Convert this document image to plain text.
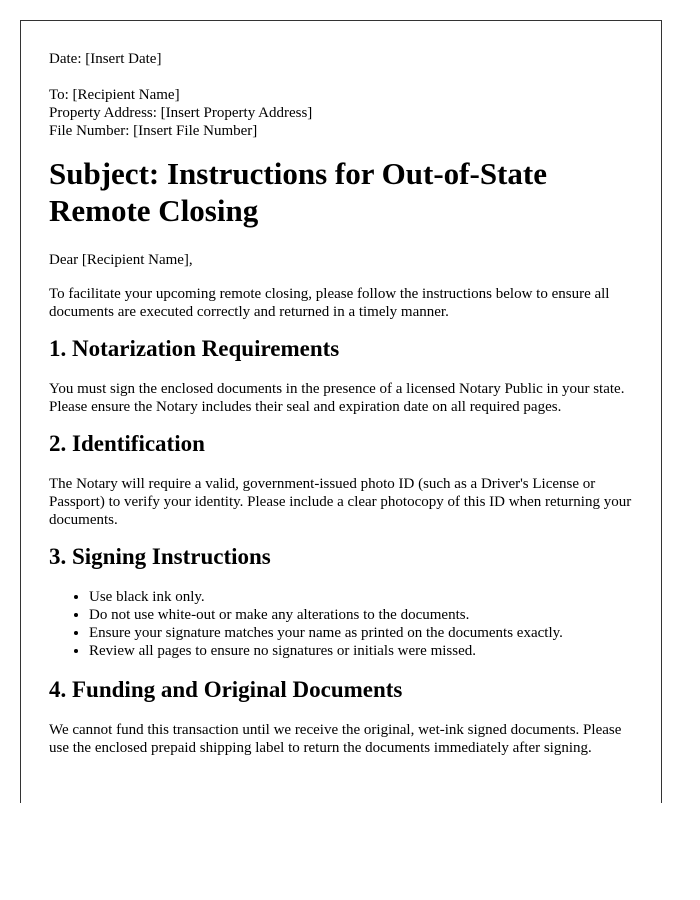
Date: [Insert Date]
To: [Recipient Name]
Property Address: [Insert Property Address]
File Number: [Insert File Number]
Subject: Instructions for Out-of-State Remote Closing

Dear [Recipient Name],

To facilitate your upcoming remote closing, please follow the instructions below to ensure all documents are executed correctly and returned in a timely manner.

1. Notarization Requirements

You must sign the enclosed documents in the presence of a licensed Notary Public in your state. Please ensure the Notary includes their seal and expiration date on all required pages.

2. Identification

The Notary will require a valid, government-issued photo ID (such as a Driver's License or Passport) to verify your identity. Please include a clear photocopy of this ID when returning your documents.

3. Signing Instructions
• Use black ink only.
• Do not use white-out or make any alterations to the documents.
• Ensure your signature matches your name as printed on the documents exactly.
• Review all pages to ensure no signatures or initials were missed.
4. Funding and Original Documents

We cannot fund this transaction until we receive the original, wet-ink signed documents. Please use the enclosed prepaid shipping label to return the documents immediately after signing.
